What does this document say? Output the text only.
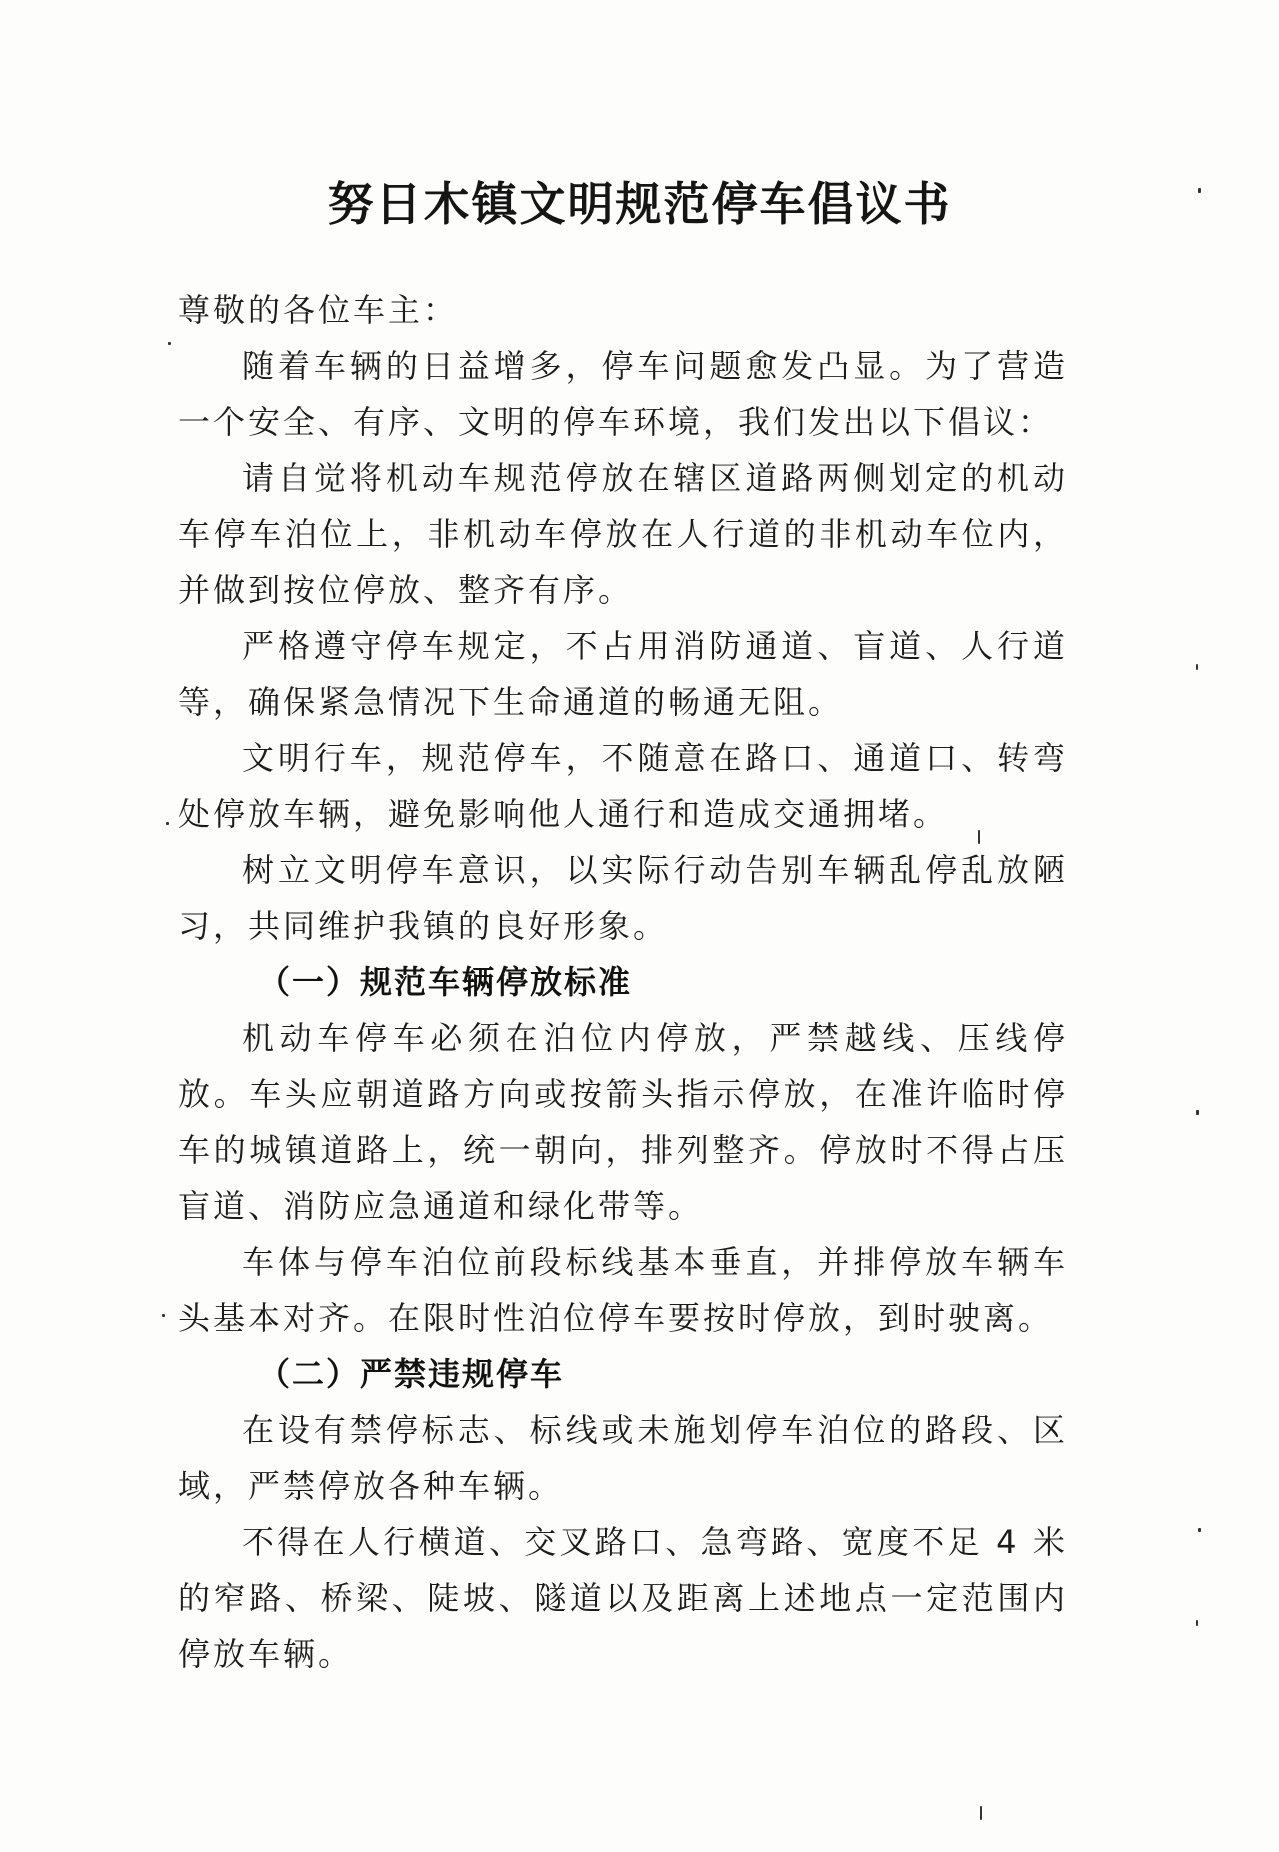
努日木镇文明规范停车倡议书

尊敬的各位车主：

随着车辆的日益增多，停车问题愈发凸显。为了营造一个安全、有序、文明的停车环境，我们发出以下倡议：

请自觉将机动车规范停放在辖区道路两侧划定的机动车停车泊位上，非机动车停放在人行道的非机动车位内，并做到按位停放、整齐有序。

严格遵守停车规定，不占用消防通道、盲道、人行道等，确保紧急情况下生命通道的畅通无阻。

文明行车，规范停车，不随意在路口、通道口、转弯处停放车辆，避免影响他人通行和造成交通拥堵。

树立文明停车意识，以实际行动告别车辆乱停乱放陋习，共同维护我镇的良好形象。

（一）规范车辆停放标准

机动车停车必须在泊位内停放，严禁越线、压线停放。车头应朝道路方向或按箭头指示停放，在准许临时停车的城镇道路上，统一朝向，排列整齐。停放时不得占压盲道、消防应急通道和绿化带等。

车体与停车泊位前段标线基本垂直，并排停放车辆车头基本对齐。在限时性泊位停车要按时停放，到时驶离。

（二）严禁违规停车

在设有禁停标志、标线或未施划停车泊位的路段、区域，严禁停放各种车辆。

不得在人行横道、交叉路口、急弯路、宽度不足 4 米的窄路、桥梁、陡坡、隧道以及距离上述地点一定范围内停放车辆。
